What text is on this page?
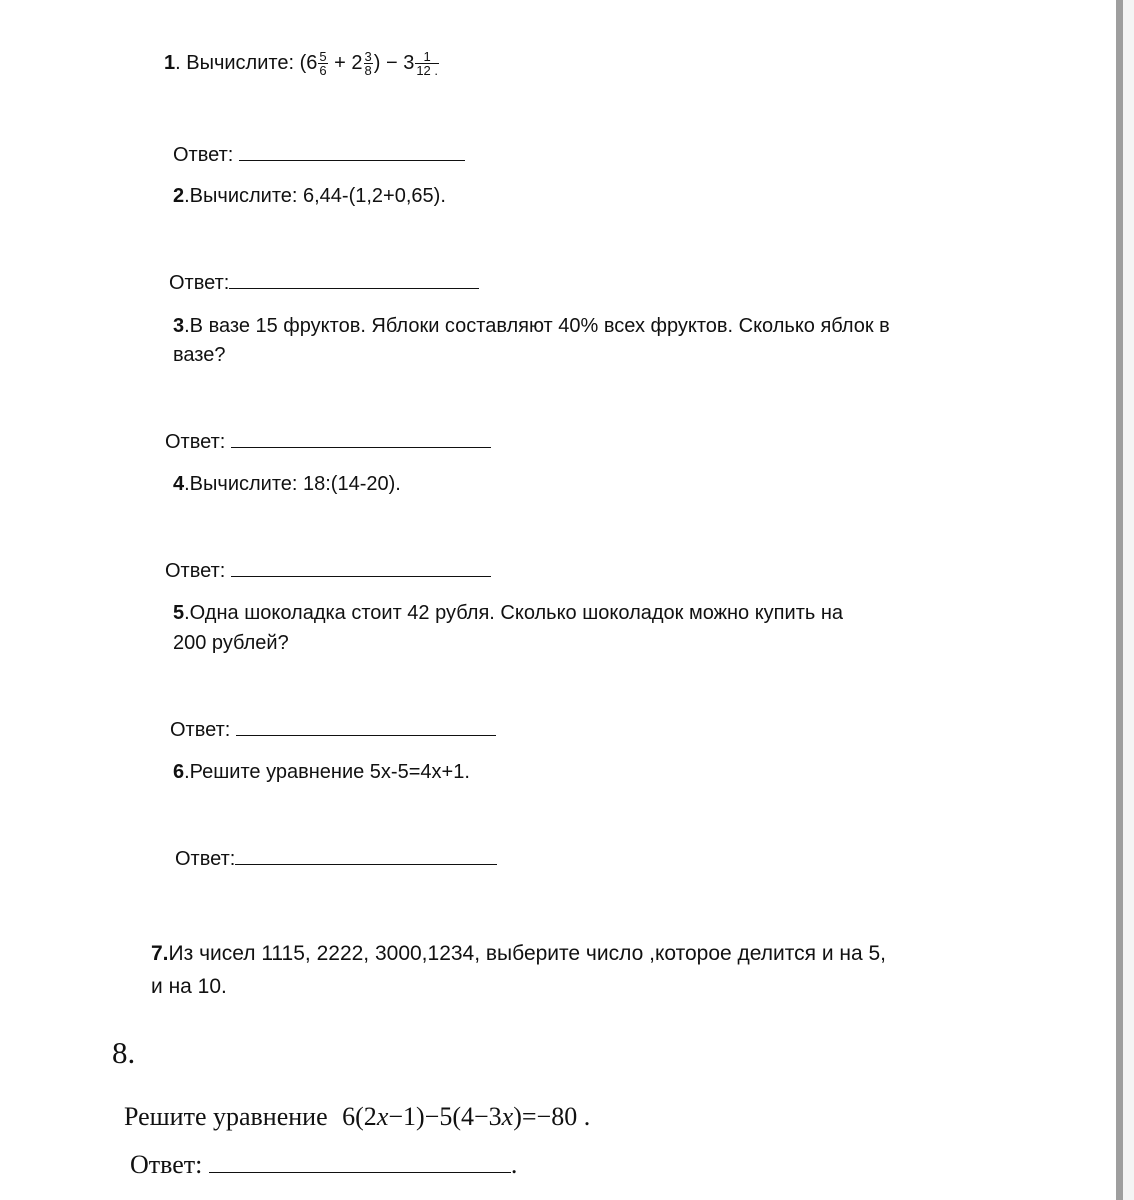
1. Вычислите: ($6 \frac{5}{6} + 2 \frac{3}{8}$ ) − $3 \frac{1}{12 .}$
Ответ:
2.Вычислите: 6,44-(1,2+0,65).
Ответ:
3.В вазе 15 фруктов. Яблоки составляют 40% всех фруктов. Сколько яблок в
вазе?
Ответ:
4.Вычислите: 18:(14-20).
Ответ:
5.Одна шоколадка стоит 42 рубля. Сколько шоколадок можно купить на
200 рублей?
Ответ:
6.Решите уравнение 5x-5=4x+1.
Ответ:
7.Из чисел 1115, 2222, 3000,1234, выберите число ,которое делится и на 5,
и на 10.
8.
Решите уравнение 6(2x−1)−5(4−3x)=−80 .
Ответ:	.
